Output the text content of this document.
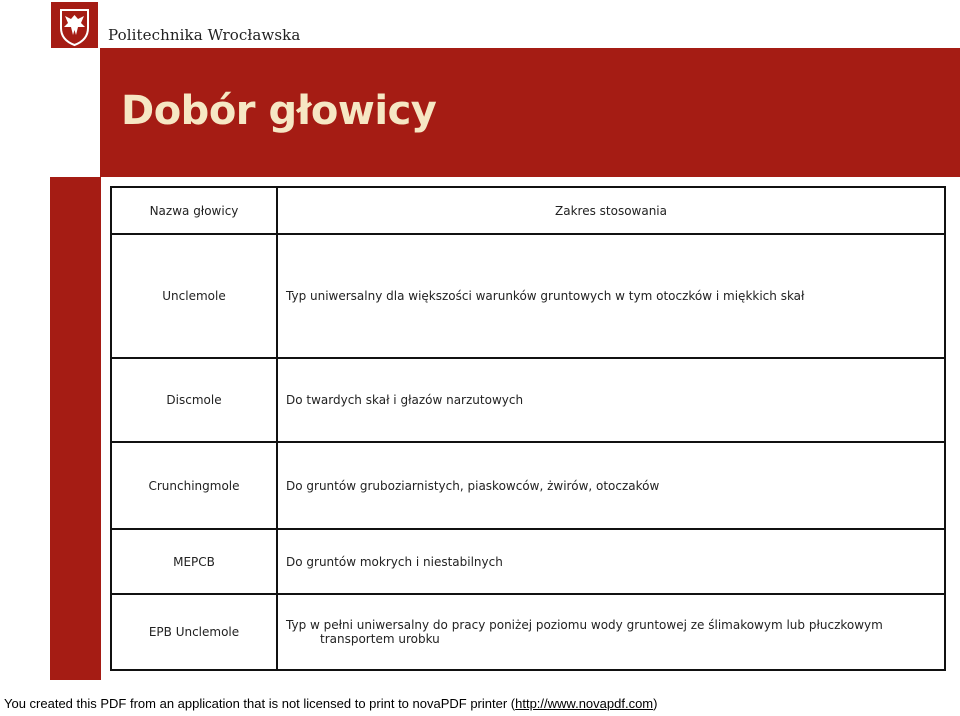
Politechnika Wrocławska
Dobór głowicy
Nazwa głowicy	Zakres stosowania
Unclemole	Typ uniwersalny dla większości warunków gruntowych w tym otoczków i miękkich skał

Discmole	Do twardych skał i głazów narzutowych

Crunchingmole	Do gruntów gruboziarnistych, piaskowców, żwirów, otoczaków

MEPCB	Do gruntów mokrych i niestabilnych

EPB Unclemole	Typ w pełni uniwersalny do pracy poniżej poziomu wody gruntowej ze ślimakowym lub płuczkowym
transportem urobku
You created this PDF from an application that is not licensed to print to novaPDF printer (http://www.novapdf.com)
